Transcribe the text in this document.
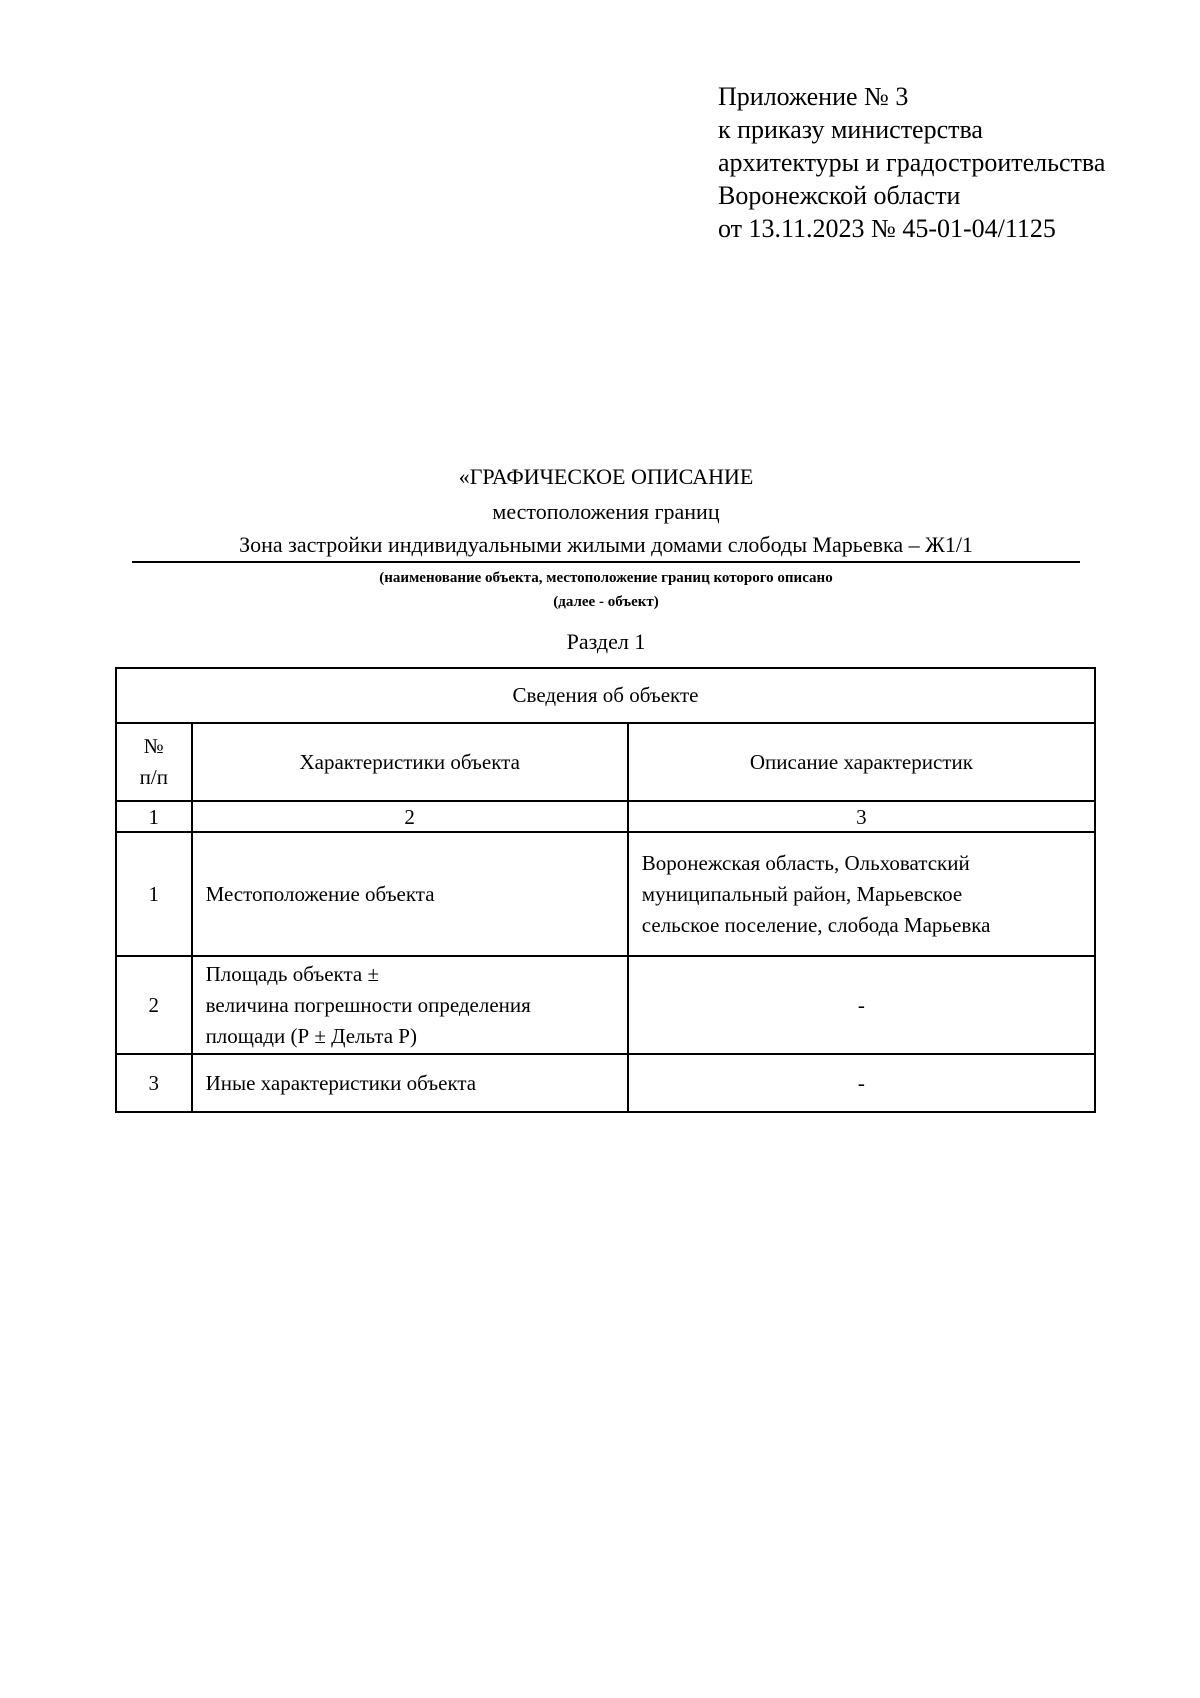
Приложение № 3
к приказу министерства
архитектуры и градостроительства
Воронежской области
от 13.11.2023 № 45-01-04/1125
«ГРАФИЧЕСКОЕ ОПИСАНИЕ
местоположения границ
Зона застройки индивидуальными жилыми домами слободы Марьевка – Ж1/1
(наименование объекта, местоположение границ которого описано
(далее - объект)
Раздел 1
Сведения об объекте		

№
п/п	Характеристики объекта	Описание характеристик
1	2	3
1	Местоположение объекта	Воронежская область, Ольховатский
муниципальный район, Марьевское
сельское поселение, слобода Марьевка

2	Площадь объекта ±
величина погрешности определения
площади (Р ± Дельта Р)	-

3	Иные характеристики объекта	-
